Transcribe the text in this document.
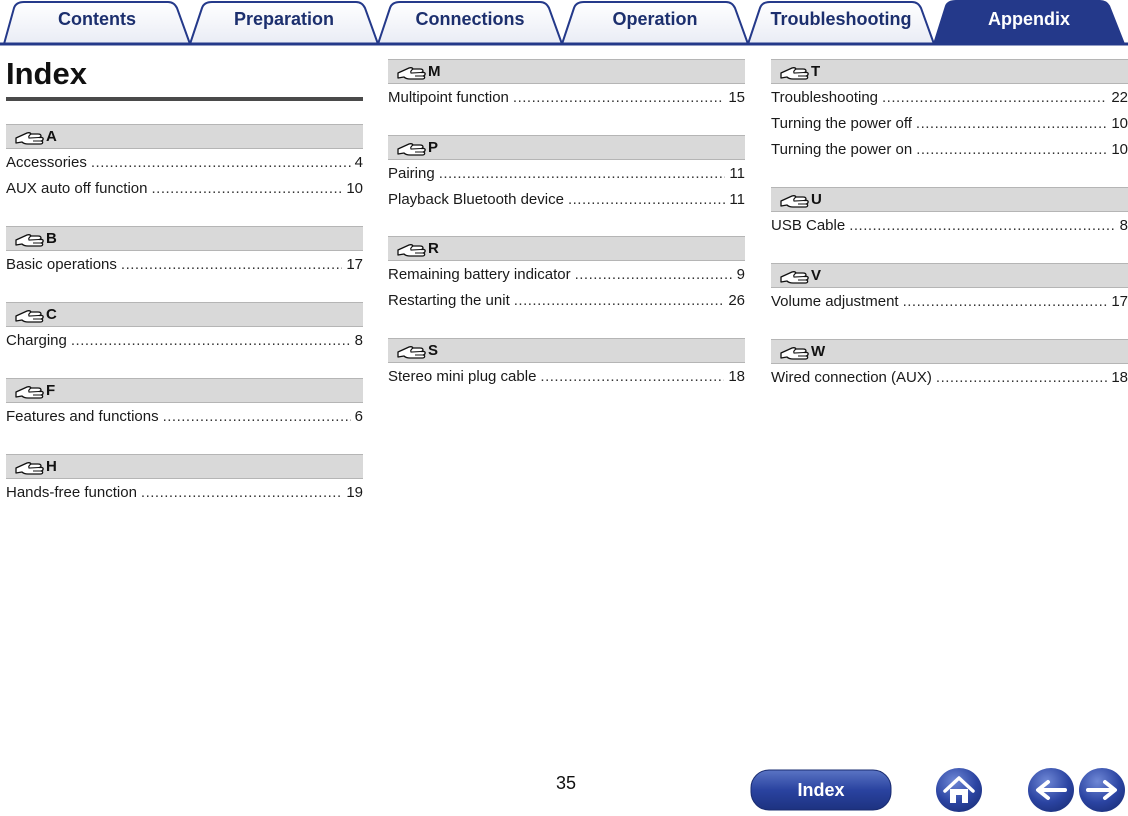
Contents	Preparation	Connections	Operation	Troubleshooting	Appendix
Index
A
Accessories .....	4
AUX auto off function .....	10
B
Basic operations .....	17
C
Charging .....	8
F
Features and functions .....	6
H
Hands-free function .....	19
M
Multipoint function .....	15
P
Pairing .....	11
Playback Bluetooth device .....	11
R
Remaining battery indicator .....	9
Restarting the unit .....	26
S
Stereo mini plug cable .....	18
T
Troubleshooting .....	22
Turning the power off .....	10
Turning the power on .....	10
U
USB Cable .....	8
V
Volume adjustment .....	17
W
Wired connection (AUX) .....	18
35	Index
